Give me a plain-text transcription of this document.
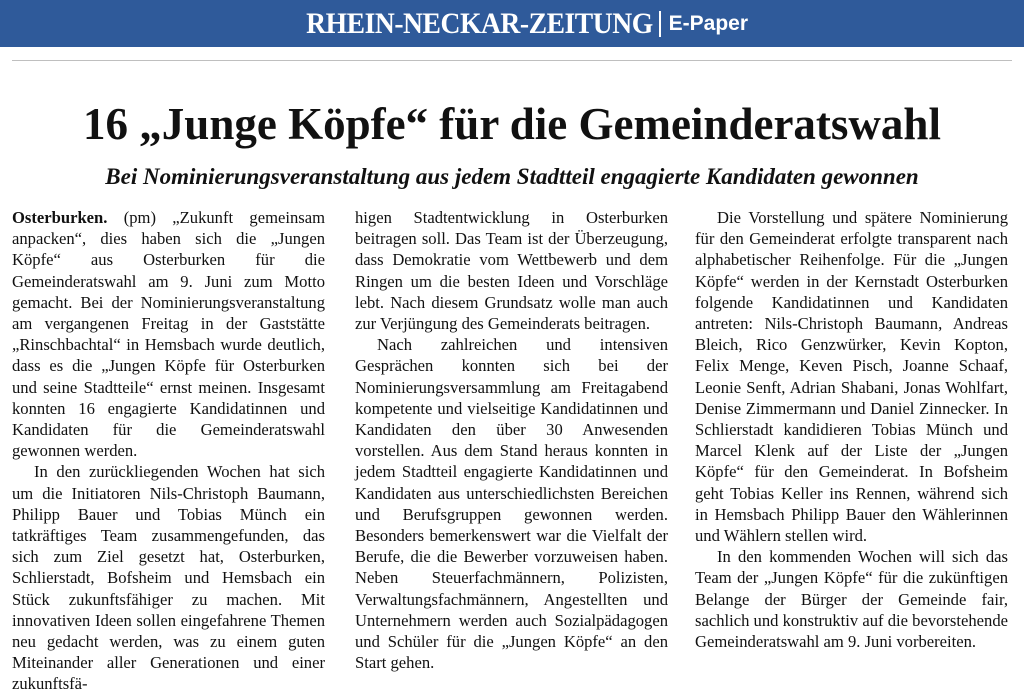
RHEIN-NECKAR-ZEITUNG E-Paper
16 „Junge Köpfe“ für die Gemeinderatswahl
Bei Nominierungsveranstaltung aus jedem Stadtteil engagierte Kandidaten gewonnen

Osterburken. (pm) „Zukunft gemeinsam anpacken“, dies haben sich die „Jungen Köpfe“ aus Osterburken für die Gemeinderatswahl am 9. Juni zum Motto gemacht. Bei der Nominierungsveranstaltung am vergangenen Freitag in der Gaststätte „Rinschbachtal“ in Hemsbach wurde deutlich, dass es die „Jungen Köpfe für Osterburken und seine Stadtteile“ ernst meinen. Insgesamt konnten 16 engagierte Kandidatinnen und Kandidaten für die Gemeinderatswahl gewonnen werden.

In den zurückliegenden Wochen hat sich um die Initiatoren Nils-Christoph Baumann, Philipp Bauer und Tobias Münch ein tatkräftiges Team zusammengefunden, das sich zum Ziel gesetzt hat, Osterburken, Schlierstadt, Bofsheim und Hemsbach ein Stück zukunftsfähiger zu machen. Mit innovativen Ideen sollen eingefahrene Themen neu gedacht werden, was zu einem guten Miteinander aller Generationen und einer zukunftsfä-

higen Stadtentwicklung in Osterburken beitragen soll. Das Team ist der Überzeugung, dass Demokratie vom Wettbewerb und dem Ringen um die besten Ideen und Vorschläge lebt. Nach diesem Grundsatz wolle man auch zur Verjüngung des Gemeinderats beitragen.

Nach zahlreichen und intensiven Gesprächen konnten sich bei der Nominierungsversammlung am Freitagabend kompetente und vielseitige Kandidatinnen und Kandidaten den über 30 Anwesenden vorstellen. Aus dem Stand heraus konnten in jedem Stadtteil engagierte Kandidatinnen und Kandidaten aus unterschiedlichsten Bereichen und Berufsgruppen gewonnen werden. Besonders bemerkenswert war die Vielfalt der Berufe, die die Bewerber vorzuweisen haben. Neben Steuerfachmännern, Polizisten, Verwaltungsfachmännern, Angestellten und Unternehmern werden auch Sozialpädagogen und Schüler für die „Jungen Köpfe“ an den Start gehen.

Die Vorstellung und spätere Nominierung für den Gemeinderat erfolgte transparent nach alphabetischer Reihenfolge. Für die „Jungen Köpfe“ werden in der Kernstadt Osterburken folgende Kandidatinnen und Kandidaten antreten: Nils-Christoph Baumann, Andreas Bleich, Rico Genzwürker, Kevin Kopton, Felix Menge, Keven Pisch, Joanne Schaaf, Leonie Senft, Adrian Shabani, Jonas Wohlfart, Denise Zimmermann und Daniel Zinnecker. In Schlierstadt kandidieren Tobias Münch und Marcel Klenk auf der Liste der „Jungen Köpfe“ für den Gemeinderat. In Bofsheim geht Tobias Keller ins Rennen, während sich in Hemsbach Philipp Bauer den Wählerinnen und Wählern stellen wird.

In den kommenden Wochen will sich das Team der „Jungen Köpfe“ für die zukünftigen Belange der Bürger der Gemeinde fair, sachlich und konstruktiv auf die bevorstehende Gemeinderatswahl am 9. Juni vorbereiten.
